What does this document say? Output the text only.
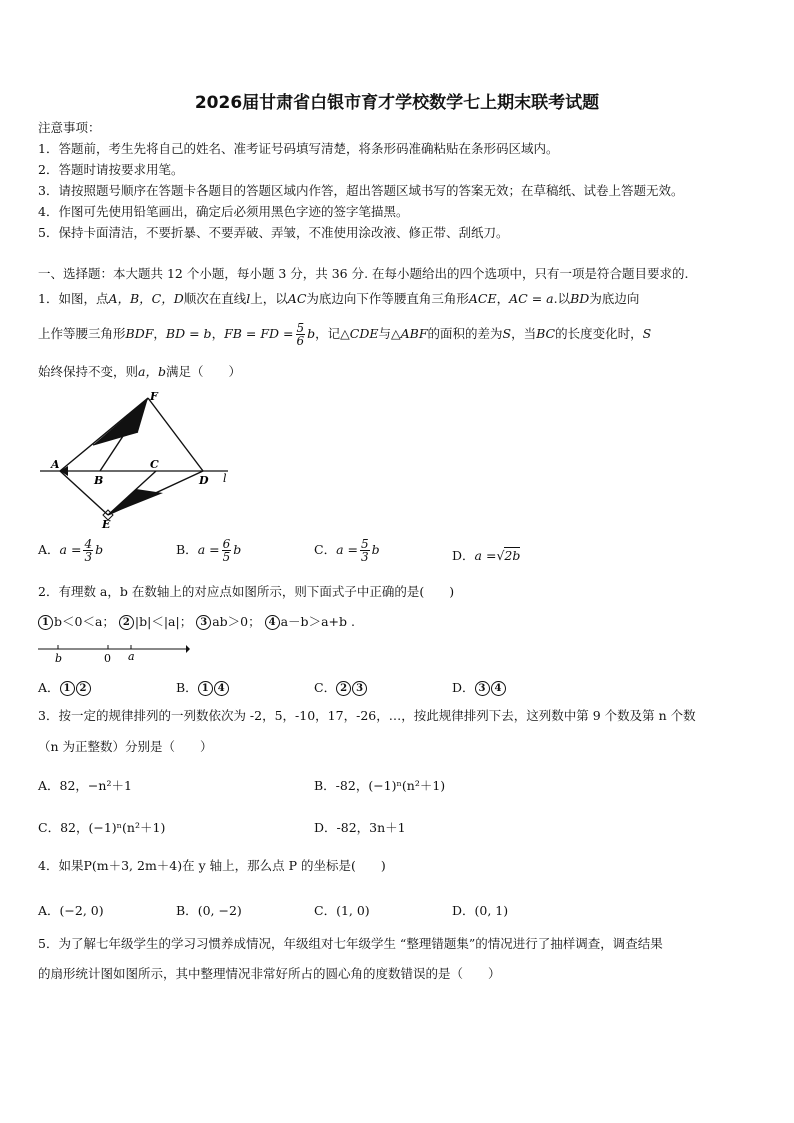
2026届甘肃省白银市育才学校数学七上期末联考试题
注意事项：
1．答题前，考生先将自己的姓名、准考证号码填写清楚，将条形码准确粘贴在条形码区域内。
2．答题时请按要求用笔。
3．请按照题号顺序在答题卡各题目的答题区域内作答，超出答题区域书写的答案无效；在草稿纸、试卷上答题无效。
4．作图可先使用铅笔画出，确定后必须用黑色字迹的签字笔描黑。
5．保持卡面清洁，不要折暴、不要弄破、弄皱，不准使用涂改液、修正带、刮纸刀。
一、选择题：本大题共 12 个小题，每小题 3 分，共 36 分. 在每小题给出的四个选项中，只有一项是符合题目要求的.
1．如图，点A，B，C，D顺次在直线l上，以AC为底边向下作等腰直角三角形ACE，AC = a.以BD为底边向
上作等腰三角形BDF，BD = b，FB = FD = $\frac{5}{6}$ b，记△CDE与△ABF的面积的差为S，当BC的长度变化时，S
始终保持不变，则a，b满足（　　）
F
A
B
C
D
E
l
A．$a = \frac{4}{3}$ b	B．$a = \frac{6}{5}$ b	C．$a = \frac{5}{3}$ b	D．a =√2b
2．有理数 a，b 在数轴上的对应点如图所示，则下面式子中正确的是(　　)
1 b＜0＜a； 2 |b|＜|a|； 3 ab＞0； 4 a－b＞a+b .
b	0 a
A． 1 2	B． 1 4	C． 2 3	D． 3 4
3．按一定的规律排列的一列数依次为 -2，5，-10，17，-26，…，按此规律排列下去，这列数中第 9 个数及第 n 个数
（n 为正整数）分别是（　　）
A．82，−n²＋1	B．-82，(−1)ⁿ(n²＋1)
C．82，(−1)ⁿ(n²＋1)	D．-82，3n＋1
4．如果P(m＋3, 2m＋4)在 y 轴上，那么点 P 的坐标是(　　)
A．(−2, 0)	B．(0, −2)	C．(1, 0)	D．(0, 1)
5．为了解七年级学生的学习习惯养成情况，年级组对七年级学生 “整理错题集”的情况进行了抽样调查，调查结果
的扇形统计图如图所示，其中整理情况非常好所占的圆心角的度数错误的是（　　）
